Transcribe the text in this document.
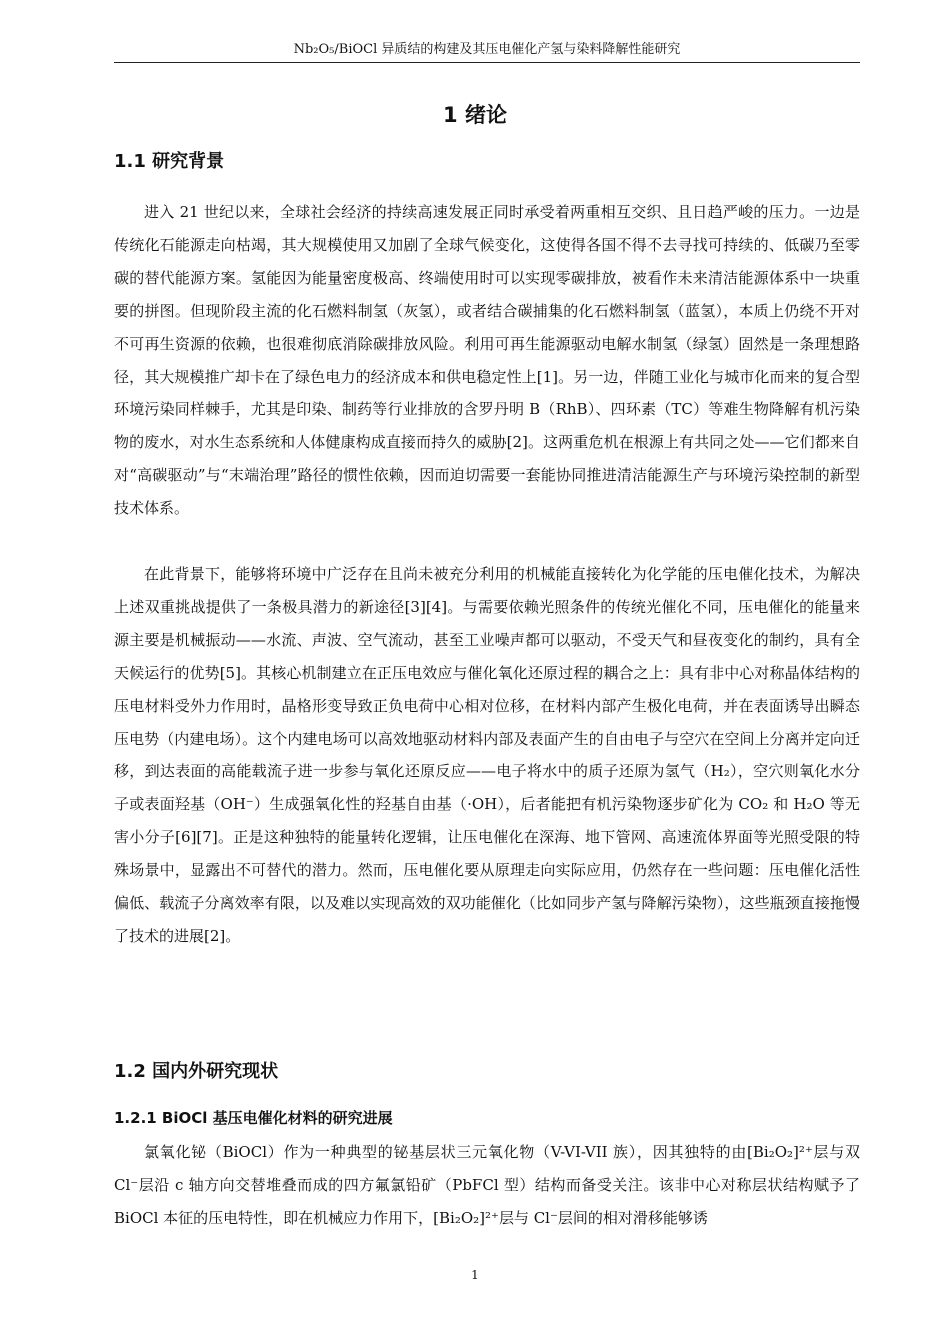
Nb₂O₅/BiOCl 异质结的构建及其压电催化产氢与染料降解性能研究
1 绪论
1.1 研究背景

进入 21 世纪以来，全球社会经济的持续高速发展正同时承受着两重相互交织、且日趋严峻的压力。一边是传统化石能源走向枯竭，其大规模使用又加剧了全球气候变化，这使得各国不得不去寻找可持续的、低碳乃至零碳的替代能源方案。氢能因为能量密度极高、终端使用时可以实现零碳排放，被看作未来清洁能源体系中一块重要的拼图。但现阶段主流的化石燃料制氢（灰氢），或者结合碳捕集的化石燃料制氢（蓝氢），本质上仍绕不开对不可再生资源的依赖，也很难彻底消除碳排放风险。利用可再生能源驱动电解水制氢（绿氢）固然是一条理想路径，其大规模推广却卡在了绿色电力的经济成本和供电稳定性上[1]。另一边，伴随工业化与城市化而来的复合型环境污染同样棘手，尤其是印染、制药等行业排放的含罗丹明 B（RhB）、四环素（TC）等难生物降解有机污染物的废水，对水生态系统和人体健康构成直接而持久的威胁[2]。这两重危机在根源上有共同之处——它们都来自对“高碳驱动”与“末端治理”路径的惯性依赖，因而迫切需要一套能协同推进清洁能源生产与环境污染控制的新型技术体系。

在此背景下，能够将环境中广泛存在且尚未被充分利用的机械能直接转化为化学能的压电催化技术，为解决上述双重挑战提供了一条极具潜力的新途径[3][4]。与需要依赖光照条件的传统光催化不同，压电催化的能量来源主要是机械振动——水流、声波、空气流动，甚至工业噪声都可以驱动，不受天气和昼夜变化的制约，具有全天候运行的优势[5]。其核心机制建立在正压电效应与催化氧化还原过程的耦合之上：具有非中心对称晶体结构的压电材料受外力作用时，晶格形变导致正负电荷中心相对位移，在材料内部产生极化电荷，并在表面诱导出瞬态压电势（内建电场）。这个内建电场可以高效地驱动材料内部及表面产生的自由电子与空穴在空间上分离并定向迁移，到达表面的高能载流子进一步参与氧化还原反应——电子将水中的质子还原为氢气（H₂），空穴则氧化水分子或表面羟基（OH⁻）生成强氧化性的羟基自由基（·OH），后者能把有机污染物逐步矿化为 CO₂ 和 H₂O 等无害小分子[6][7]。正是这种独特的能量转化逻辑，让压电催化在深海、地下管网、高速流体界面等光照受限的特殊场景中，显露出不可替代的潜力。然而，压电催化要从原理走向实际应用，仍然存在一些问题：压电催化活性偏低、载流子分离效率有限，以及难以实现高效的双功能催化（比如同步产氢与降解污染物），这些瓶颈直接拖慢了技术的进展[2]。

1.2 国内外研究现状
1.2.1 BiOCl 基压电催化材料的研究进展

氯氧化铋（BiOCl）作为一种典型的铋基层状三元氧化物（V-VI-VII 族），因其独特的由[Bi₂O₂]²⁺层与双 Cl⁻层沿 c 轴方向交替堆叠而成的四方氟氯铅矿（PbFCl 型）结构而备受关注。该非中心对称层状结构赋予了 BiOCl 本征的压电特性，即在机械应力作用下，[Bi₂O₂]²⁺层与 Cl⁻层间的相对滑移能够诱

1
